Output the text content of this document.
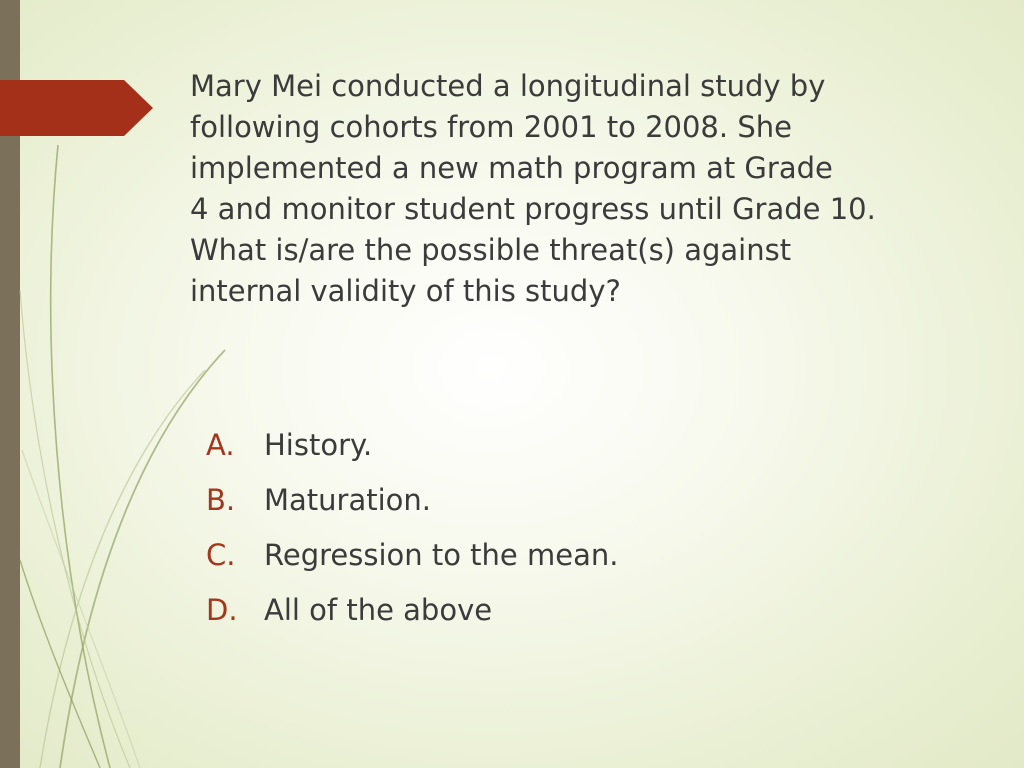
Mary Mei conducted a longitudinal study by
following cohorts from 2001 to 2008. She
implemented a new math program at Grade
4 and monitor student progress until Grade 10.
What is/are the possible threat(s) against
internal validity of this study?

A.	History.
B. Maturation.
C. Regression to the mean.
D. All of the above
